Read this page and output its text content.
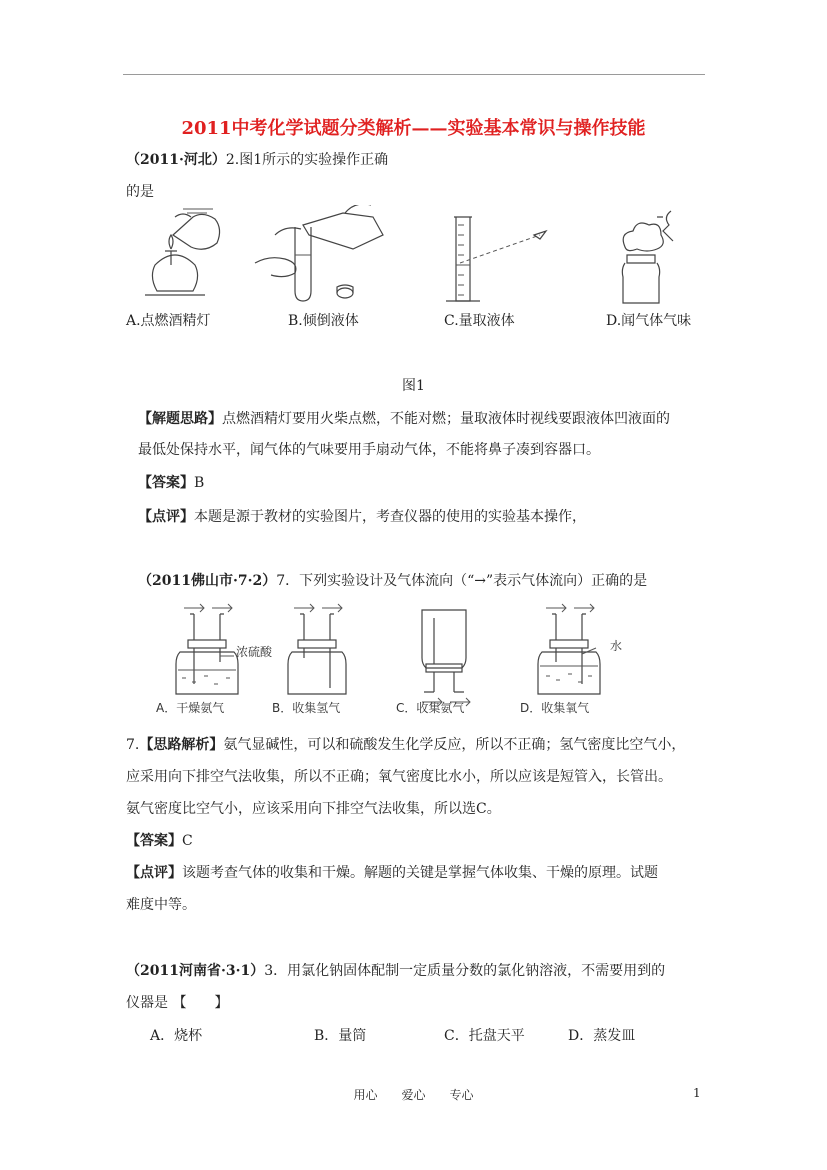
2011中考化学试题分类解析——实验基本常识与操作技能
（2011·河北）2.图1所示的实验操作正确
的是
A.点燃酒精灯	B.倾倒液体	C.量取液体	D.闻气体气味
图1
【解题思路】点燃酒精灯要用火柴点燃，不能对燃；量取液体时视线要跟液体凹液面的
最低处保持水平，闻气体的气味要用手扇动气体，不能将鼻子凑到容器口。
【答案】B
【点评】本题是源于教材的实验图片，考查仪器的使用的实验基本操作，
（2011佛山市·7·2）7．下列实验设计及气体流向（“→”表示气体流向）正确的是
浓硫酸	水
A．干燥氨气	B．收集氢气	C．收集氨气	D．收集氧气
7.【思路解析】氨气显碱性，可以和硫酸发生化学反应，所以不正确；氢气密度比空气小，
应采用向下排空气法收集，所以不正确；氧气密度比水小，所以应该是短管入，长管出。
氨气密度比空气小，应该采用向下排空气法收集，所以选C。
【答案】C
【点评】该题考查气体的收集和干燥。解题的关键是掌握气体收集、干燥的原理。试题
难度中等。
（2011河南省·3·1）3．用氯化钠固体配制一定质量分数的氯化钠溶液，不需要用到的
仪器是 【　　】
A．烧杯	B．量筒	C．托盘天平	D．蒸发皿
用心　　爱心　　专心	1
